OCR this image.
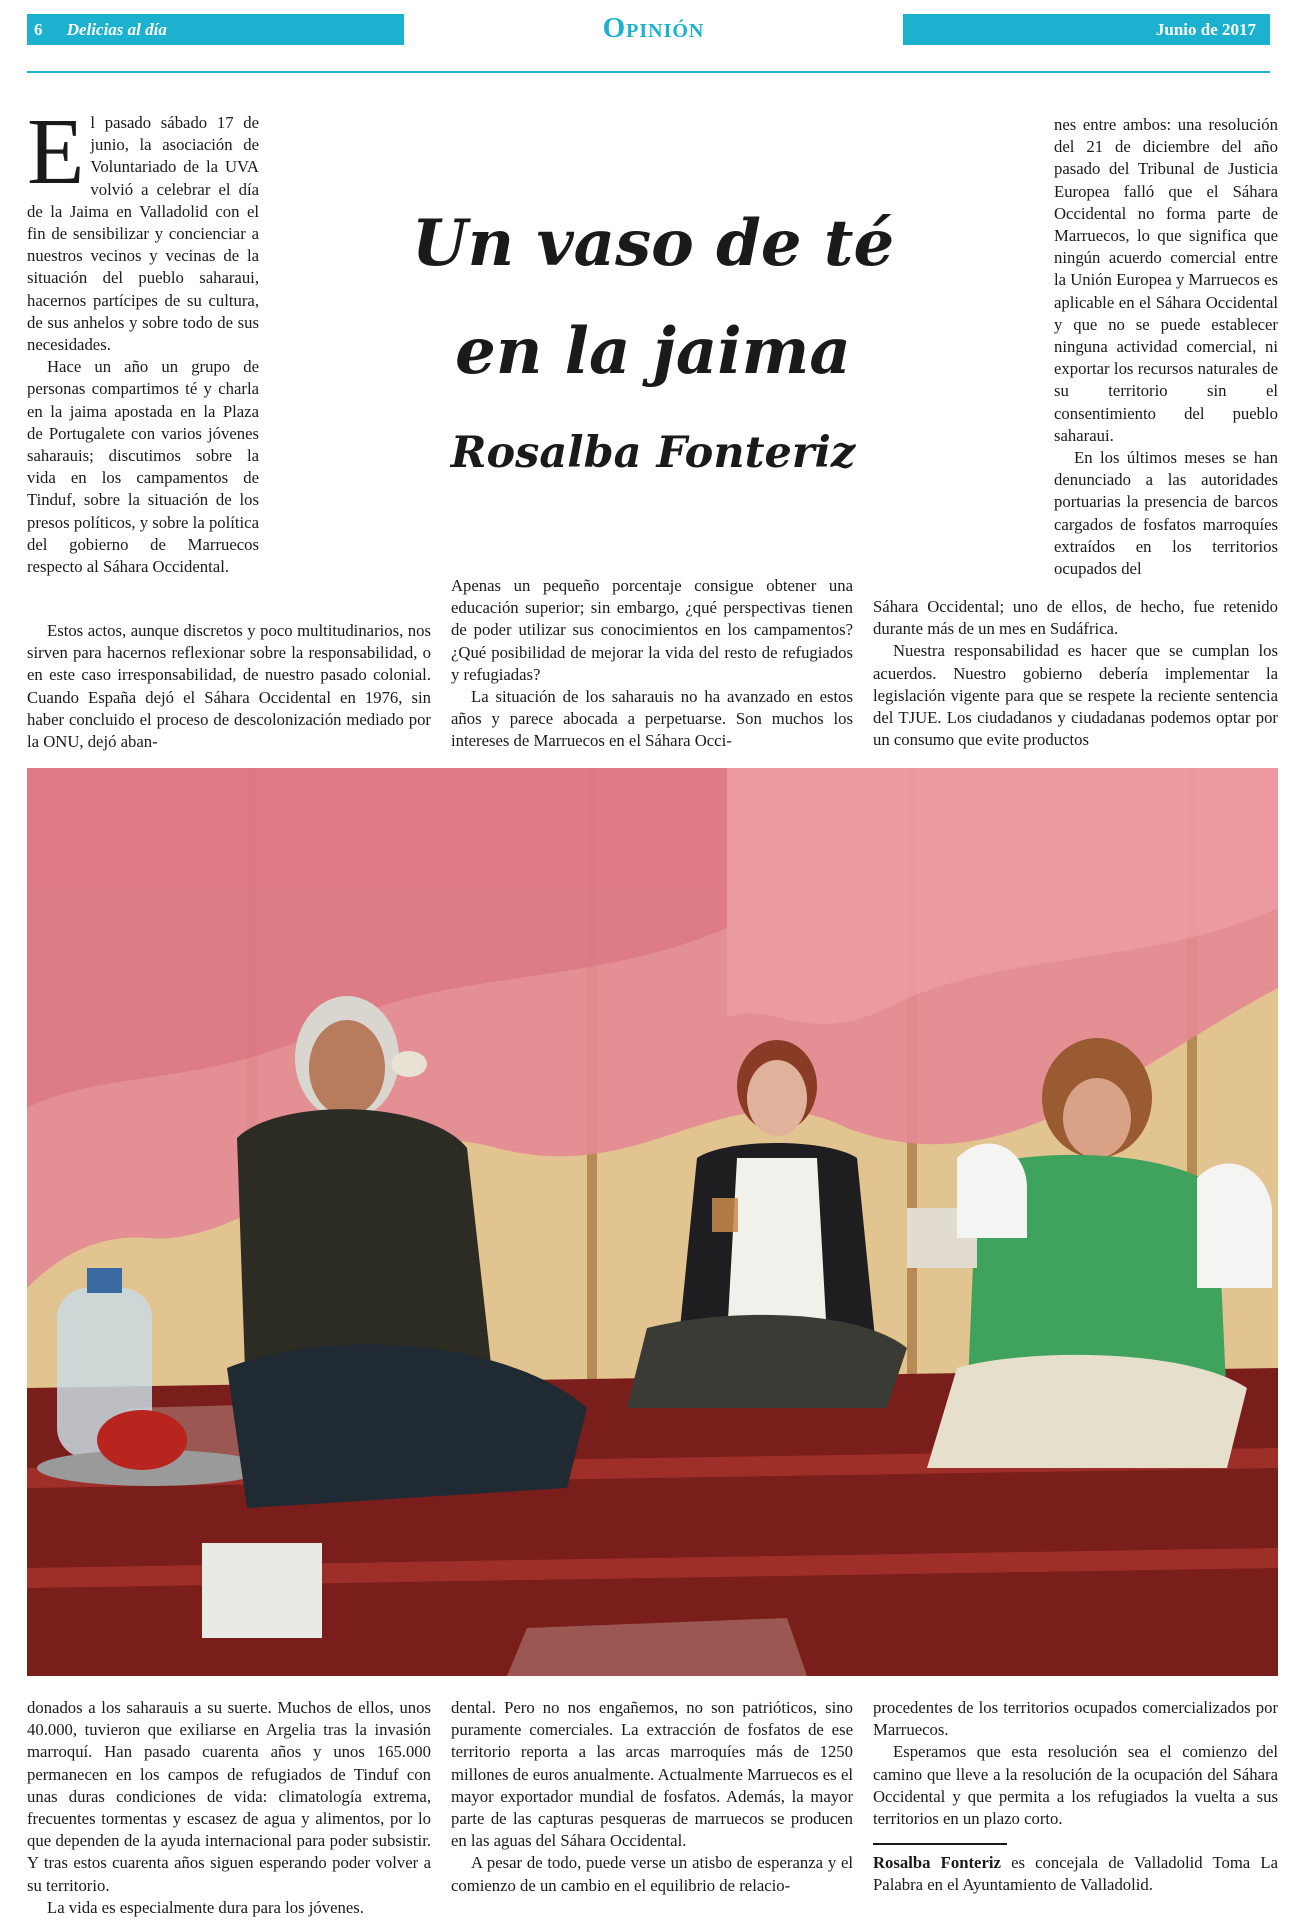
6 Delicias al día	Opinión	Junio de 2017

El pasado sábado 17 de junio, la asociación de Voluntariado de la UVA volvió a celebrar el día de la Jaima en Valladolid con el fin de sensibilizar y concienciar a nuestros vecinos y vecinas de la situación del pueblo saharaui, hacernos partícipes de su cultura, de sus anhelos y sobre todo de sus necesidades.

Hace un año un grupo de personas compartimos té y charla en la jaima apostada en la Plaza de Portugalete con varios jóvenes saharauis; discutimos sobre la vida en los campamentos de Tinduf, sobre la situación de los presos políticos, y sobre la política del gobierno de Marruecos respecto al Sáhara Occidental.

Estos actos, aunque discretos y poco multitudinarios, nos sirven para hacernos reflexionar sobre la responsabilidad, o en este caso irresponsabilidad, de nuestro pasado colonial. Cuando España dejó el Sáhara Occidental en 1976, sin haber concluido el proceso de descolonización mediado por la ONU, dejó aban-

Un vaso de té
en la jaima
Rosalba Fonteriz

Apenas un pequeño porcentaje consigue obtener una educación superior; sin embargo, ¿qué perspectivas tienen de poder utilizar sus conocimientos en los campamentos? ¿Qué posibilidad de mejorar la vida del resto de refugiados y refugiadas?

La situación de los saharauis no ha avanzado en estos años y parece abocada a perpetuarse. Son muchos los intereses de Marruecos en el Sáhara Occi-

nes entre ambos: una resolución del 21 de diciembre del año pasado del Tribunal de Justicia Europea falló que el Sáhara Occidental no forma parte de Marruecos, lo que significa que ningún acuerdo comercial entre la Unión Europea y Marruecos es aplicable en el Sáhara Occidental y que no se puede establecer ninguna actividad comercial, ni exportar los recursos naturales de su territorio sin el consentimiento del pueblo saharaui.

En los últimos meses se han denunciado a las autoridades portuarias la presencia de barcos cargados de fosfatos marroquíes extraídos en los territorios ocupados del

Sáhara Occidental; uno de ellos, de hecho, fue retenido durante más de un mes en Sudáfrica.

Nuestra responsabilidad es hacer que se cumplan los acuerdos. Nuestro gobierno debería implementar la legislación vigente para que se respete la reciente sentencia del TJUE. Los ciudadanos y ciudadanas podemos optar por un consumo que evite productos

donados a los saharauis a su suerte. Muchos de ellos, unos 40.000, tuvieron que exiliarse en Argelia tras la invasión marroquí. Han pasado cuarenta años y unos 165.000 permanecen en los campos de refugiados de Tinduf con unas duras condiciones de vida: climatología extrema, frecuentes tormentas y escasez de agua y alimentos, por lo que dependen de la ayuda internacional para poder subsistir. Y tras estos cuarenta años siguen esperando poder volver a su territorio.

La vida es especialmente dura para los jóvenes.

dental. Pero no nos engañemos, no son patrióticos, sino puramente comerciales. La extracción de fosfatos de ese territorio reporta a las arcas marroquíes más de 1250 millones de euros anualmente. Actualmente Marruecos es el mayor exportador mundial de fosfatos. Además, la mayor parte de las capturas pesqueras de marruecos se producen en las aguas del Sáhara Occidental.

A pesar de todo, puede verse un atisbo de esperanza y el comienzo de un cambio en el equilibrio de relacio-

procedentes de los territorios ocupados comercializados por Marruecos.

Esperamos que esta resolución sea el comienzo del camino que lleve a la resolución de la ocupación del Sáhara Occidental y que permita a los refugiados la vuelta a sus territorios en un plazo corto.

Rosalba Fonteriz es concejala de Valladolid Toma La Palabra en el Ayuntamiento de Valladolid.
